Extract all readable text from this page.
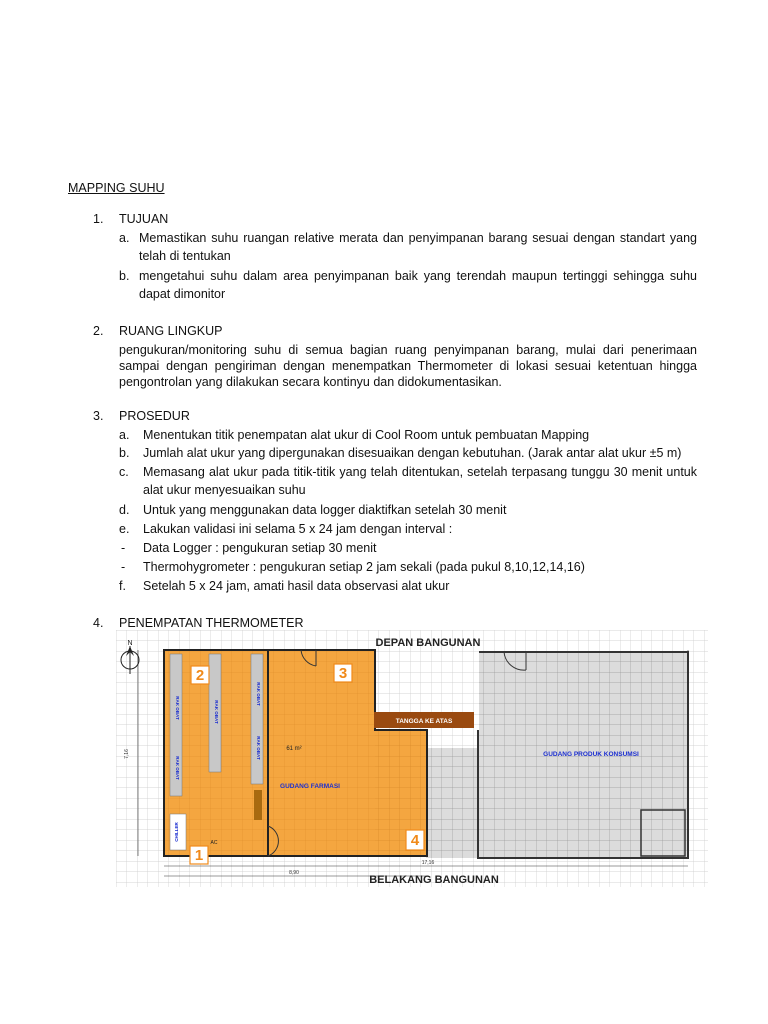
MAPPING SUHU
1. TUJUAN
a. Memastikan suhu ruangan relative merata dan penyimpanan barang sesuai dengan standart yang telah di tentukan
b. mengetahui suhu dalam area penyimpanan baik yang terendah maupun tertinggi sehingga suhu dapat dimonitor
2. RUANG LINGKUP
pengukuran/monitoring suhu di semua bagian ruang penyimpanan barang, mulai dari penerimaan sampai dengan pengiriman dengan menempatkan Thermometer di lokasi sesuai ketentuan hingga pengontrolan yang dilakukan secara kontinyu dan didokumentasikan.
3. PROSEDUR
a. Menentukan titik penempatan alat ukur di Cool Room untuk pembuatan Mapping
b. Jumlah alat ukur yang dipergunakan disesuaikan dengan kebutuhan. (Jarak antar alat ukur ±5 m)
c. Memasang alat ukur pada titik-titik yang telah ditentukan, setelah terpasang tunggu 30 menit untuk alat ukur menyesuaikan suhu
d. Untuk yang menggunakan data logger diaktifkan setelah 30 menit
e. Lakukan validasi ini selama 5 x 24 jam dengan interval :
- Data Logger : pengukuran setiap 30 menit
- Thermohygrometer : pengukuran setiap 2 jam sekali (pada pukul 8,10,12,14,16)
f. Setelah 5 x 24 jam, amati hasil data observasi alat ukur
4. PENEMPATAN THERMOMETER
N	DEPAN BANGUNAN
BELAKANG BANGUNAN
TANGGA KE ATAS
GUDANG FARMASI
GUDANG PRODUK KONSUMSI
61 m²
AC
7,16
8,90
17,16
RAK OBAT
RAK OBAT
RAK OBAT
RAK OBAT
RAK OBAT
CHILLER
1
2	3
4
